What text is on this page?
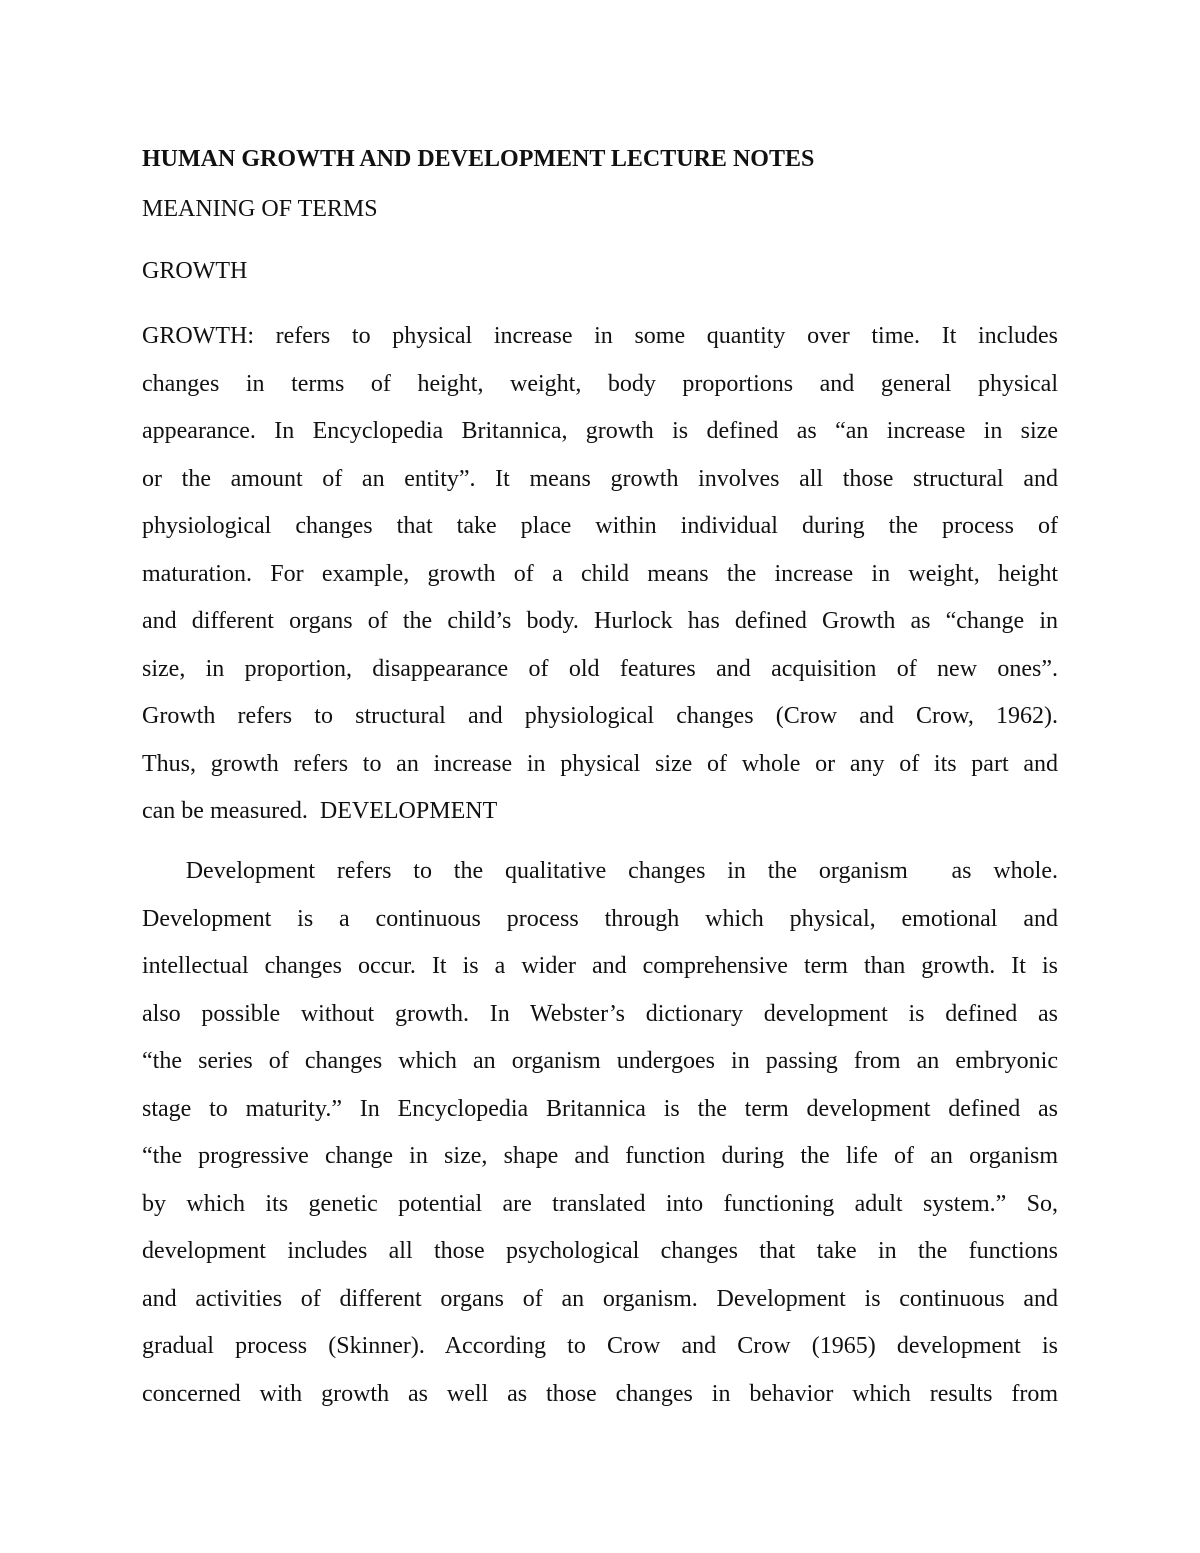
HUMAN GROWTH AND DEVELOPMENT LECTURE NOTES
MEANING OF TERMS
GROWTH
GROWTH: refers to physical increase in some quantity over time. It includes
changes in terms of height, weight, body proportions and general physical
appearance. In Encyclopedia Britannica, growth is defined as “an increase in size
or the amount of an entity”. It means growth involves all those structural and
physiological changes that take place within individual during the process of
maturation. For example, growth of a child means the increase in weight, height
and different organs of the child’s body. Hurlock has defined Growth as “change in
size, in proportion, disappearance of old features and acquisition of new ones”.
Growth refers to structural and physiological changes (Crow and Crow, 1962).
Thus, growth refers to an increase in physical size of whole or any of its part and
can be measured.  DEVELOPMENT
Development refers to the qualitative changes in the organism  as whole.
Development is a continuous process through which physical, emotional and
intellectual changes occur. It is a wider and comprehensive term than growth. It is
also possible without growth. In Webster’s dictionary development is defined as
“the series of changes which an organism undergoes in passing from an embryonic
stage to maturity.” In Encyclopedia Britannica is the term development defined as
“the progressive change in size, shape and function during the life of an organism
by which its genetic potential are translated into functioning adult system.” So,
development includes all those psychological changes that take in the functions
and activities of different organs of an organism. Development is continuous and
gradual process (Skinner). According to Crow and Crow (1965) development is
concerned with growth as well as those changes in behavior which results from
